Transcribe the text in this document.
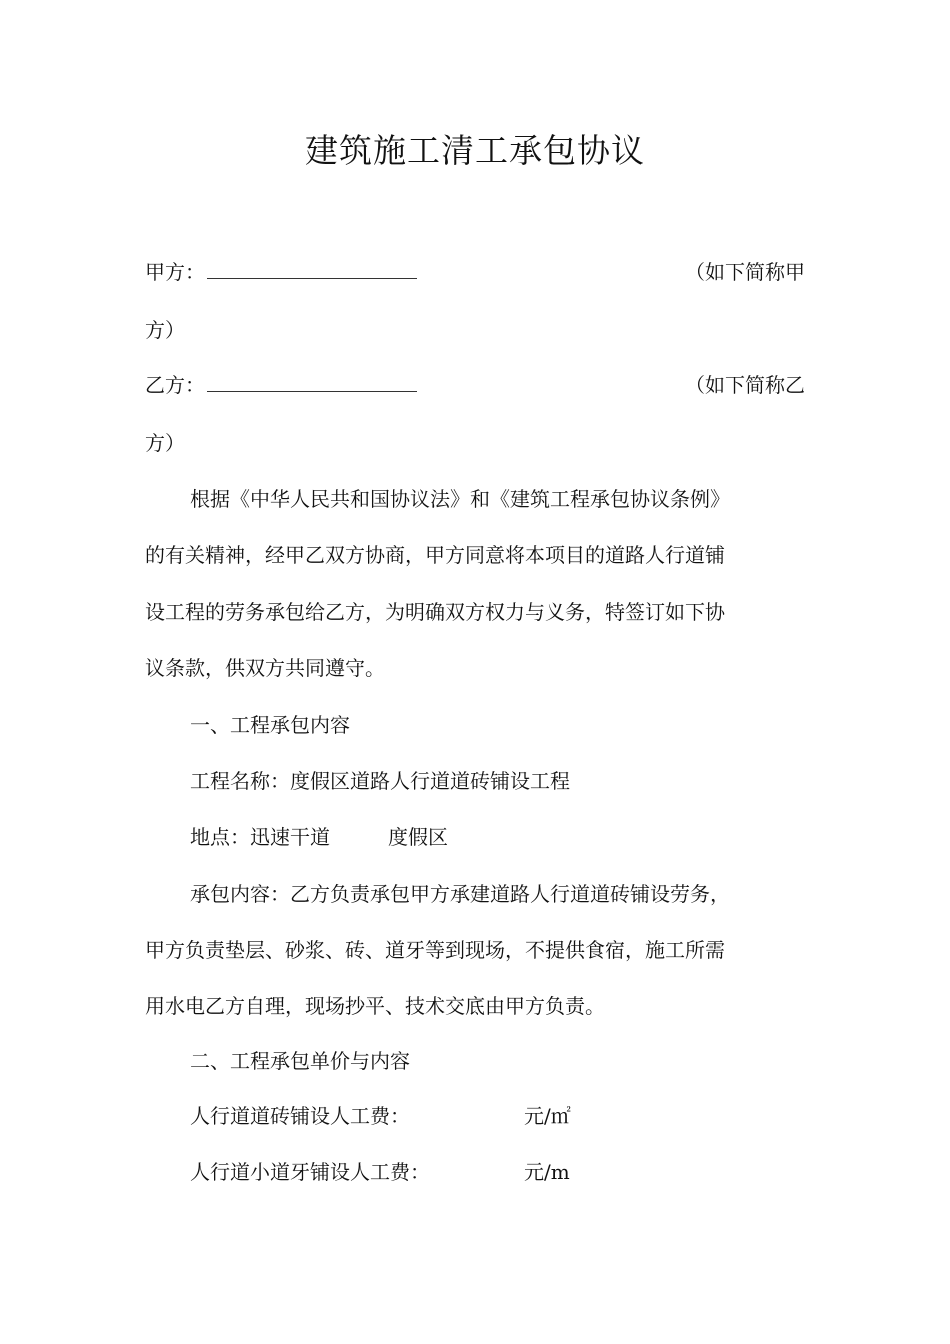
建筑施工清工承包协议
甲方：	（如下简称甲
方）
乙方：	（如下简称乙
方）
根据《中华人民共和国协议法》和《建筑工程承包协议条例》
的有关精神，经甲乙双方协商，甲方同意将本项目的道路人行道铺
设工程的劳务承包给乙方，为明确双方权力与义务，特签订如下协
议条款，供双方共同遵守。
一、工程承包内容
工程名称：度假区道路人行道道砖铺设工程
地点：迅速干道	度假区
承包内容：乙方负责承包甲方承建道路人行道道砖铺设劳务，
甲方负责垫层、砂浆、砖、道牙等到现场，不提供食宿，施工所需
用水电乙方自理，现场抄平、技术交底由甲方负责。
二、工程承包单价与内容
人行道道砖铺设人工费：	元/㎡
人行道小道牙铺设人工费：	元/m
